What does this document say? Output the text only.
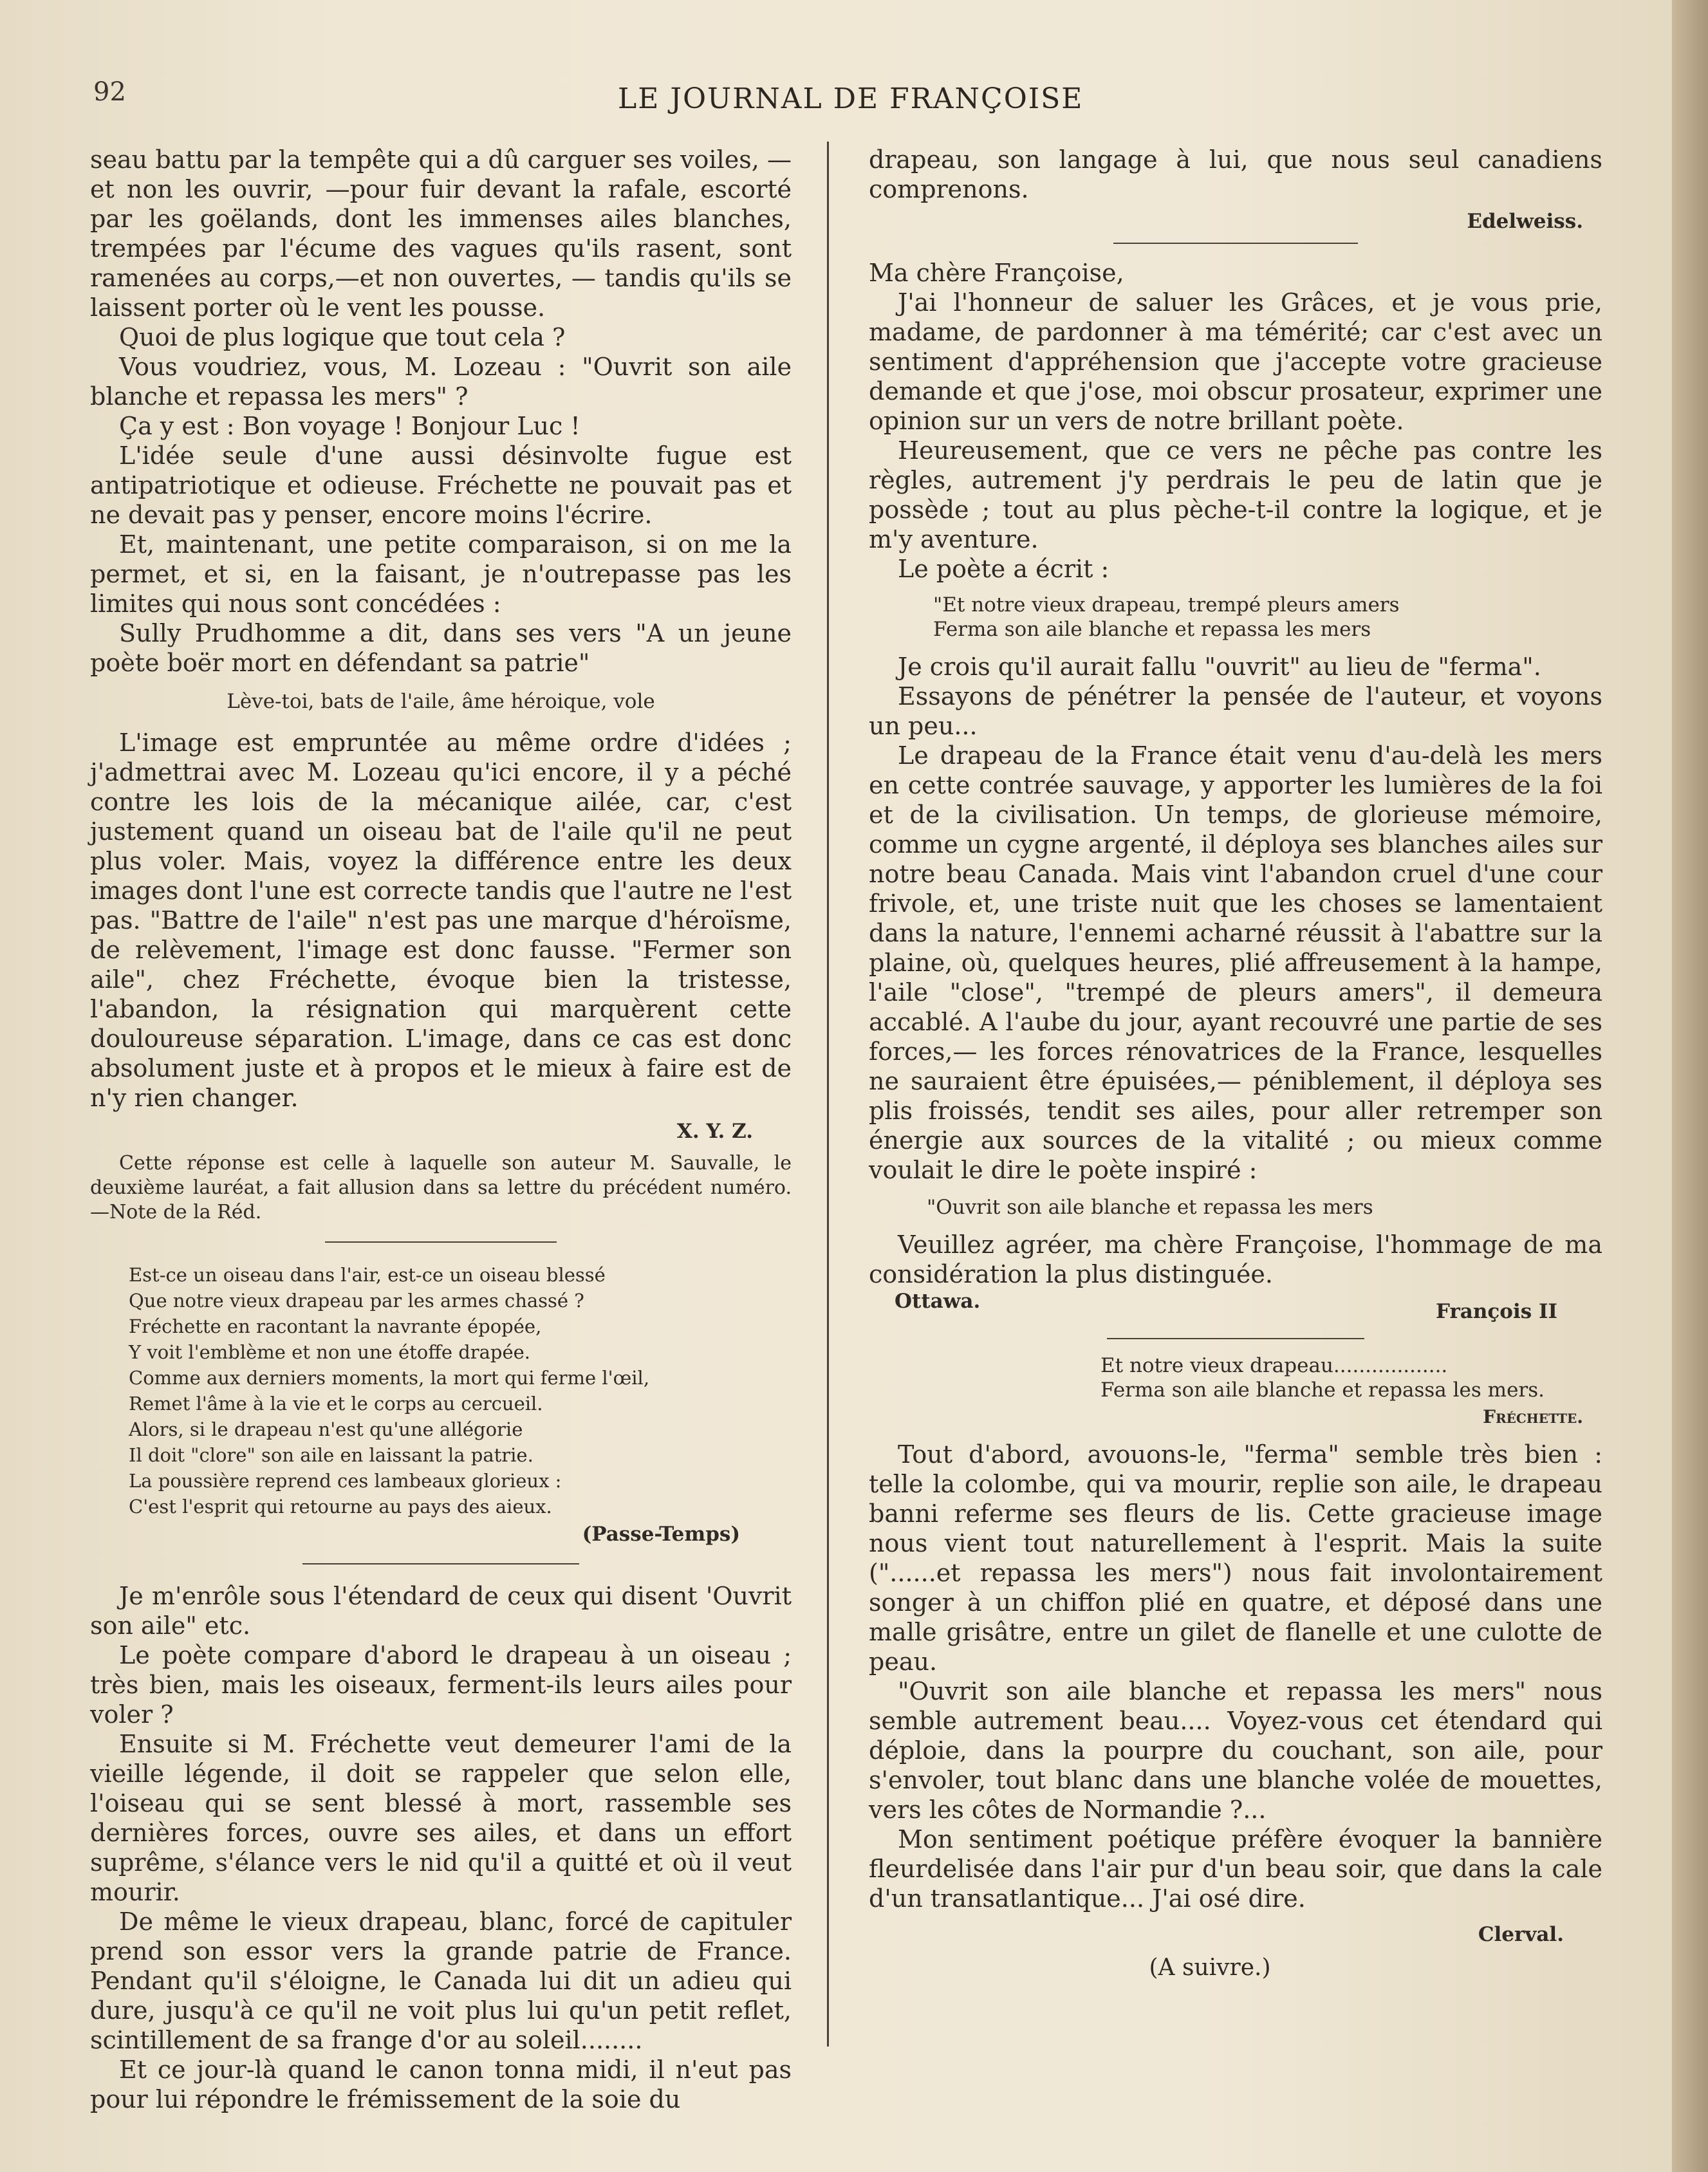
92	LE JOURNAL DE FRANÇOISE

seau battu par la tempête qui a dû carguer ses voiles, —et non les ouvrir, —pour fuir devant la rafale, escorté par les goëlands, dont les immenses ailes blanches, trempées par l'écume des vagues qu'ils rasent, sont ramenées au corps,—et non ouvertes, — tandis qu'ils se laissent porter où le vent les pousse.

Quoi de plus logique que tout cela ?

Vous voudriez, vous, M. Lozeau : "Ouvrit son aile blanche et repassa les mers" ?

Ça y est : Bon voyage ! Bonjour Luc !

L'idée seule d'une aussi désinvolte fugue est antipatriotique et odieuse. Fréchette ne pouvait pas et ne devait pas y penser, encore moins l'écrire.

Et, maintenant, une petite comparaison, si on me la permet, et si, en la faisant, je n'outrepasse pas les limites qui nous sont concédées :

Sully Prudhomme a dit, dans ses vers "A un jeune poète boër mort en défendant sa patrie"

Lève-toi, bats de l'aile, âme héroique, vole

L'image est empruntée au même ordre d'idées ; j'admettrai avec M. Lozeau qu'ici encore, il y a péché contre les lois de la mécanique ailée, car, c'est justement quand un oiseau bat de l'aile qu'il ne peut plus voler. Mais, voyez la différence entre les deux images dont l'une est correcte tandis que l'autre ne l'est pas. "Battre de l'aile" n'est pas une marque d'héroïsme, de relèvement, l'image est donc fausse. "Fermer son aile", chez Fréchette, évoque bien la tristesse, l'abandon, la résignation qui marquèrent cette douloureuse séparation. L'image, dans ce cas est donc absolument juste et à propos et le mieux à faire est de n'y rien changer.

X. Y. Z.

Cette réponse est celle à laquelle son auteur M. Sauvalle, le deuxième lauréat, a fait allusion dans sa lettre du précédent numéro. —Note de la Réd.

Est-ce un oiseau dans l'air, est-ce un oiseau blessé
Que notre vieux drapeau par les armes chassé ?
Fréchette en racontant la navrante épopée,
Y voit l'emblème et non une étoffe drapée.
Comme aux derniers moments, la mort qui ferme l'œil,
Remet l'âme à la vie et le corps au cercueil.
Alors, si le drapeau n'est qu'une allégorie
Il doit "clore" son aile en laissant la patrie.
La poussière reprend ces lambeaux glorieux :
C'est l'esprit qui retourne au pays des aieux.

(Passe-Temps)

Je m'enrôle sous l'étendard de ceux qui disent 'Ouvrit son aile" etc.

Le poète compare d'abord le drapeau à un oiseau ; très bien, mais les oiseaux, ferment-ils leurs ailes pour voler ?

Ensuite si M. Fréchette veut demeurer l'ami de la vieille légende, il doit se rappeler que selon elle, l'oiseau qui se sent blessé à mort, rassemble ses dernières forces, ouvre ses ailes, et dans un effort suprême, s'élance vers le nid qu'il a quitté et où il veut mourir.

De même le vieux drapeau, blanc, forcé de capituler prend son essor vers la grande patrie de France. Pendant qu'il s'éloigne, le Canada lui dit un adieu qui dure, jusqu'à ce qu'il ne voit plus lui qu'un petit reflet, scintillement de sa frange d'or au soleil........

Et ce jour-là quand le canon tonna midi, il n'eut pas pour lui répondre le frémissement de la soie du

drapeau, son langage à lui, que nous seul canadiens comprenons.

Edelweiss.

Ma chère Françoise,

J'ai l'honneur de saluer les Grâces, et je vous prie, madame, de pardonner à ma témérité; car c'est avec un sentiment d'appréhension que j'accepte votre gracieuse demande et que j'ose, moi obscur prosateur, exprimer une opinion sur un vers de notre brillant poète.

Heureusement, que ce vers ne pêche pas contre les règles, autrement j'y perdrais le peu de latin que je possède ; tout au plus pèche-t-il contre la logique, et je m'y aventure.

Le poète a écrit :

"Et notre vieux drapeau, trempé pleurs amers
Ferma son aile blanche et repassa les mers

Je crois qu'il aurait fallu "ouvrit" au lieu de "ferma".

Essayons de pénétrer la pensée de l'auteur, et voyons un peu...

Le drapeau de la France était venu d'au-delà les mers en cette contrée sauvage, y apporter les lumières de la foi et de la civilisation. Un temps, de glorieuse mémoire, comme un cygne argenté, il déploya ses blanches ailes sur notre beau Canada. Mais vint l'abandon cruel d'une cour frivole, et, une triste nuit que les choses se lamentaient dans la nature, l'ennemi acharné réussit à l'abattre sur la plaine, où, quelques heures, plié affreusement à la hampe, l'aile "close", "trempé de pleurs amers", il demeura accablé. A l'aube du jour, ayant recouvré une partie de ses forces,— les forces rénovatrices de la France, lesquelles ne sauraient être épuisées,— péniblement, il déploya ses plis froissés, tendit ses ailes, pour aller retremper son énergie aux sources de la vitalité ; ou mieux comme voulait le dire le poète inspiré :

"Ouvrit son aile blanche et repassa les mers

Veuillez agréer, ma chère Françoise, l'hommage de ma considération la plus distinguée.

Ottawa.	François II
Et notre vieux drapeau..................
Ferma son aile blanche et repassa les mers.

Fréchette.

Tout d'abord, avouons-le, "ferma" semble très bien : telle la colombe, qui va mourir, replie son aile, le drapeau banni referme ses fleurs de lis. Cette gracieuse image nous vient tout naturellement à l'esprit. Mais la suite ("......et repassa les mers") nous fait involontairement songer à un chiffon plié en quatre, et déposé dans une malle grisâtre, entre un gilet de flanelle et une culotte de peau.

"Ouvrit son aile blanche et repassa les mers" nous semble autrement beau.... Voyez-vous cet étendard qui déploie, dans la pourpre du couchant, son aile, pour s'envoler, tout blanc dans une blanche volée de mouettes, vers les côtes de Normandie ?...

Mon sentiment poétique préfère évoquer la bannière fleurdelisée dans l'air pur d'un beau soir, que dans la cale d'un transatlantique... J'ai osé dire.

Clerval.

(A suivre.)
